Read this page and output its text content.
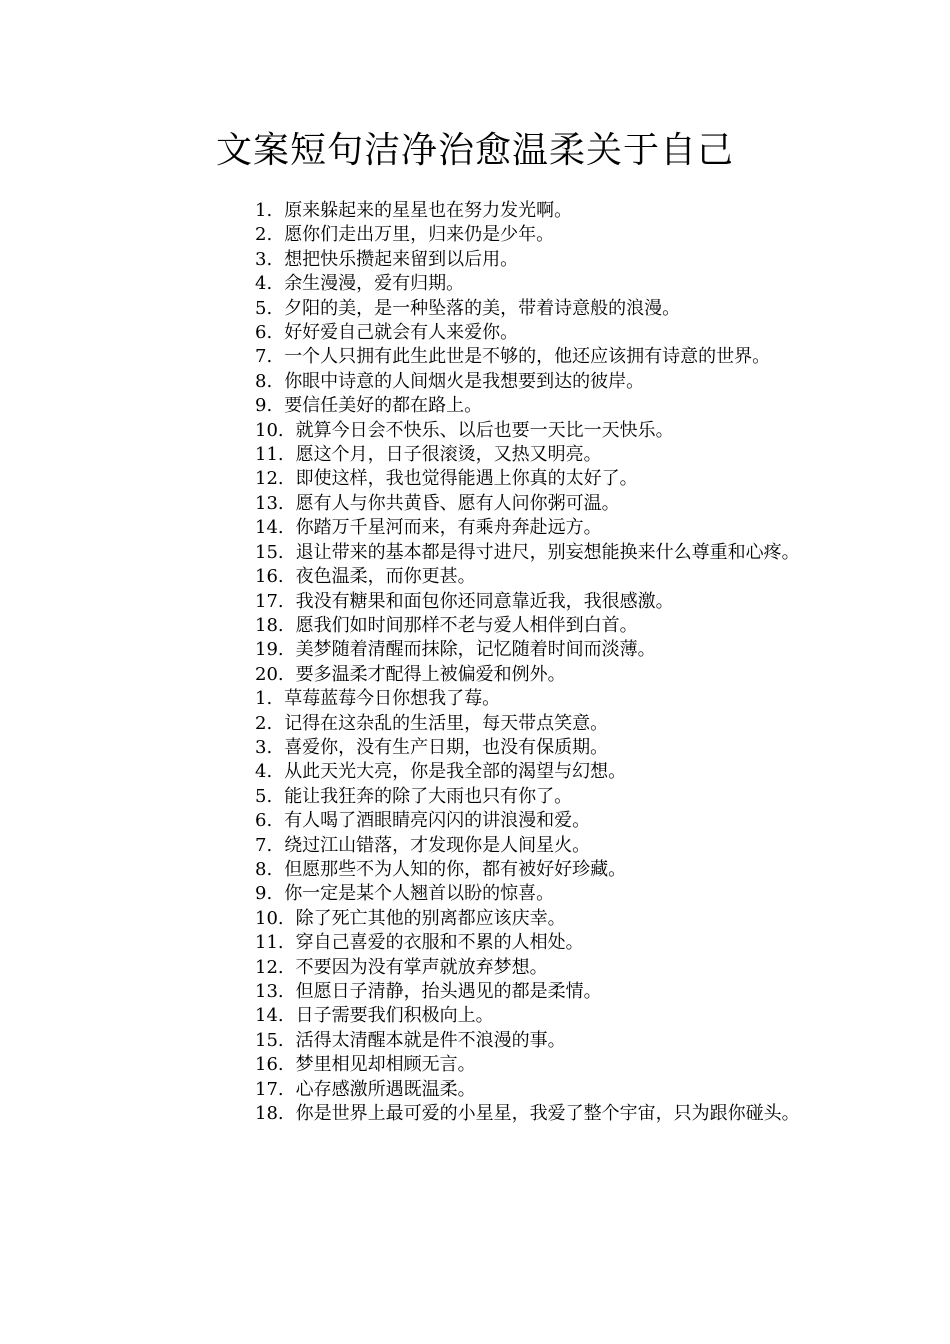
文案短句洁净治愈温柔关于自己
1. 原来躲起来的星星也在努力发光啊。
2. 愿你们走出万里，归来仍是少年。
3. 想把快乐攒起来留到以后用。
4. 余生漫漫，爱有归期。
5. 夕阳的美，是一种坠落的美，带着诗意般的浪漫。
6. 好好爱自己就会有人来爱你。
7. 一个人只拥有此生此世是不够的，他还应该拥有诗意的世界。
8. 你眼中诗意的人间烟火是我想要到达的彼岸。
9. 要信任美好的都在路上。
10. 就算今日会不快乐、以后也要一天比一天快乐。
11. 愿这个月，日子很滚烫，又热又明亮。
12. 即使这样，我也觉得能遇上你真的太好了。
13. 愿有人与你共黄昏、愿有人问你粥可温。
14. 你踏万千星河而来，有乘舟奔赴远方。
15. 退让带来的基本都是得寸进尺，别妄想能换来什么尊重和心疼。
16. 夜色温柔，而你更甚。
17. 我没有糖果和面包你还同意靠近我，我很感激。
18. 愿我们如时间那样不老与爱人相伴到白首。
19. 美梦随着清醒而抹除，记忆随着时间而淡薄。
20. 要多温柔才配得上被偏爱和例外。
1. 草莓蓝莓今日你想我了莓。
2. 记得在这杂乱的生活里，每天带点笑意。
3. 喜爱你，没有生产日期，也没有保质期。
4. 从此天光大亮，你是我全部的渴望与幻想。
5. 能让我狂奔的除了大雨也只有你了。
6. 有人喝了酒眼睛亮闪闪的讲浪漫和爱。
7. 绕过江山错落，才发现你是人间星火。
8. 但愿那些不为人知的你，都有被好好珍藏。
9. 你一定是某个人翘首以盼的惊喜。
10. 除了死亡其他的别离都应该庆幸。
11. 穿自己喜爱的衣服和不累的人相处。
12. 不要因为没有掌声就放弃梦想。
13. 但愿日子清静，抬头遇见的都是柔情。
14. 日子需要我们积极向上。
15. 活得太清醒本就是件不浪漫的事。
16. 梦里相见却相顾无言。
17. 心存感激所遇既温柔。
18. 你是世界上最可爱的小星星，我爱了整个宇宙，只为跟你碰头。
